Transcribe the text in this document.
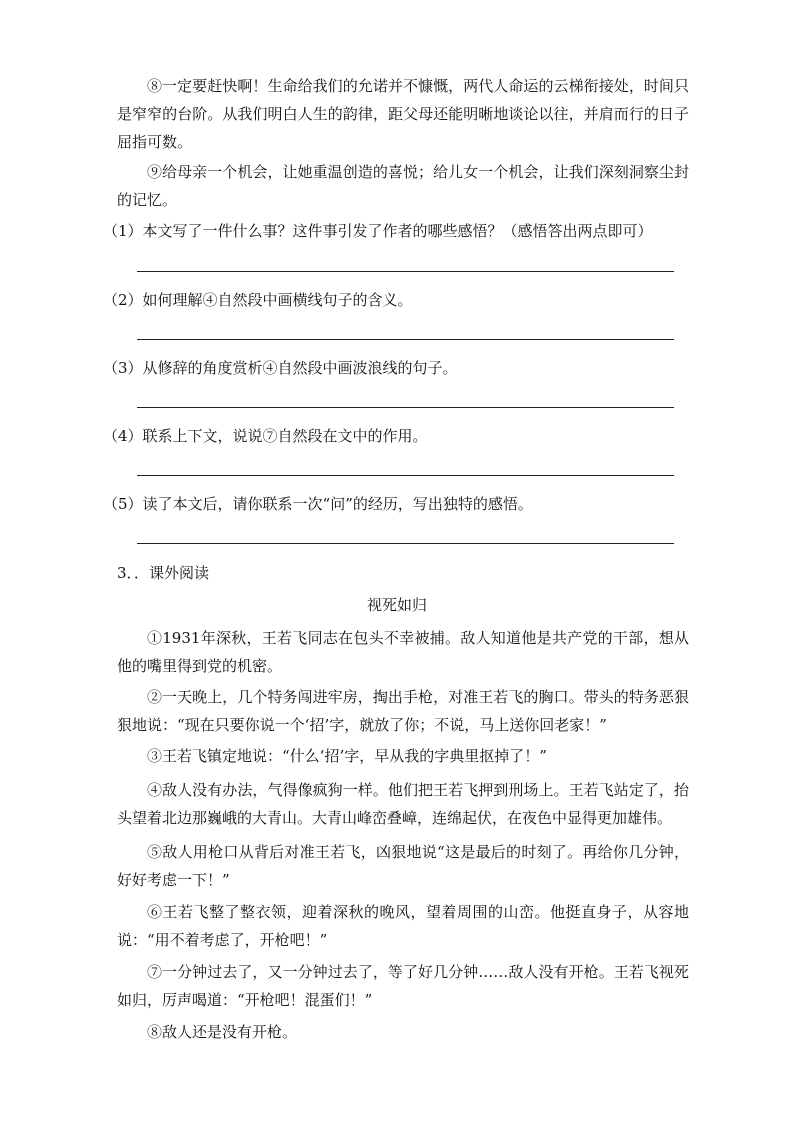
⑧一定要赶快啊！生命给我们的允诺并不慷慨，两代人命运的云梯衔接处，时间只是窄窄的台阶。从我们明白人生的韵律，距父母还能明晰地谈论以往，并肩而行的日子屈指可数。

⑨给母亲一个机会，让她重温创造的喜悦；给儿女一个机会，让我们深刻洞察尘封的记忆。

（1）本文写了一件什么事？这件事引发了作者的哪些感悟？（感悟答出两点即可）

（2）如何理解④自然段中画横线句子的含义。

（3）从修辞的角度赏析④自然段中画波浪线的句子。

（4）联系上下文，说说⑦自然段在文中的作用。

（5）读了本文后，请你联系一次“问”的经历，写出独特的感悟。

3．．课外阅读

视死如归

①1931年深秋，王若飞同志在包头不幸被捕。敌人知道他是共产党的干部，想从他的嘴里得到党的机密。

②一天晚上，几个特务闯进牢房，掏出手枪，对准王若飞的胸口。带头的特务恶狠狠地说：“现在只要你说一个‘招’字，就放了你；不说，马上送你回老家！”

③王若飞镇定地说：“什么‘招’字，早从我的字典里抠掉了！”

④敌人没有办法，气得像疯狗一样。他们把王若飞押到刑场上。王若飞站定了，抬头望着北边那巍峨的大青山。大青山峰峦叠嶂，连绵起伏，在夜色中显得更加雄伟。

⑤敌人用枪口从背后对准王若飞，凶狠地说“这是最后的时刻了。再给你几分钟，好好考虑一下！”

⑥王若飞整了整衣领，迎着深秋的晚风，望着周围的山峦。他挺直身子，从容地说：“用不着考虑了，开枪吧！”

⑦一分钟过去了，又一分钟过去了，等了好几分钟……敌人没有开枪。王若飞视死如归，厉声喝道：“开枪吧！混蛋们！”

⑧敌人还是没有开枪。
